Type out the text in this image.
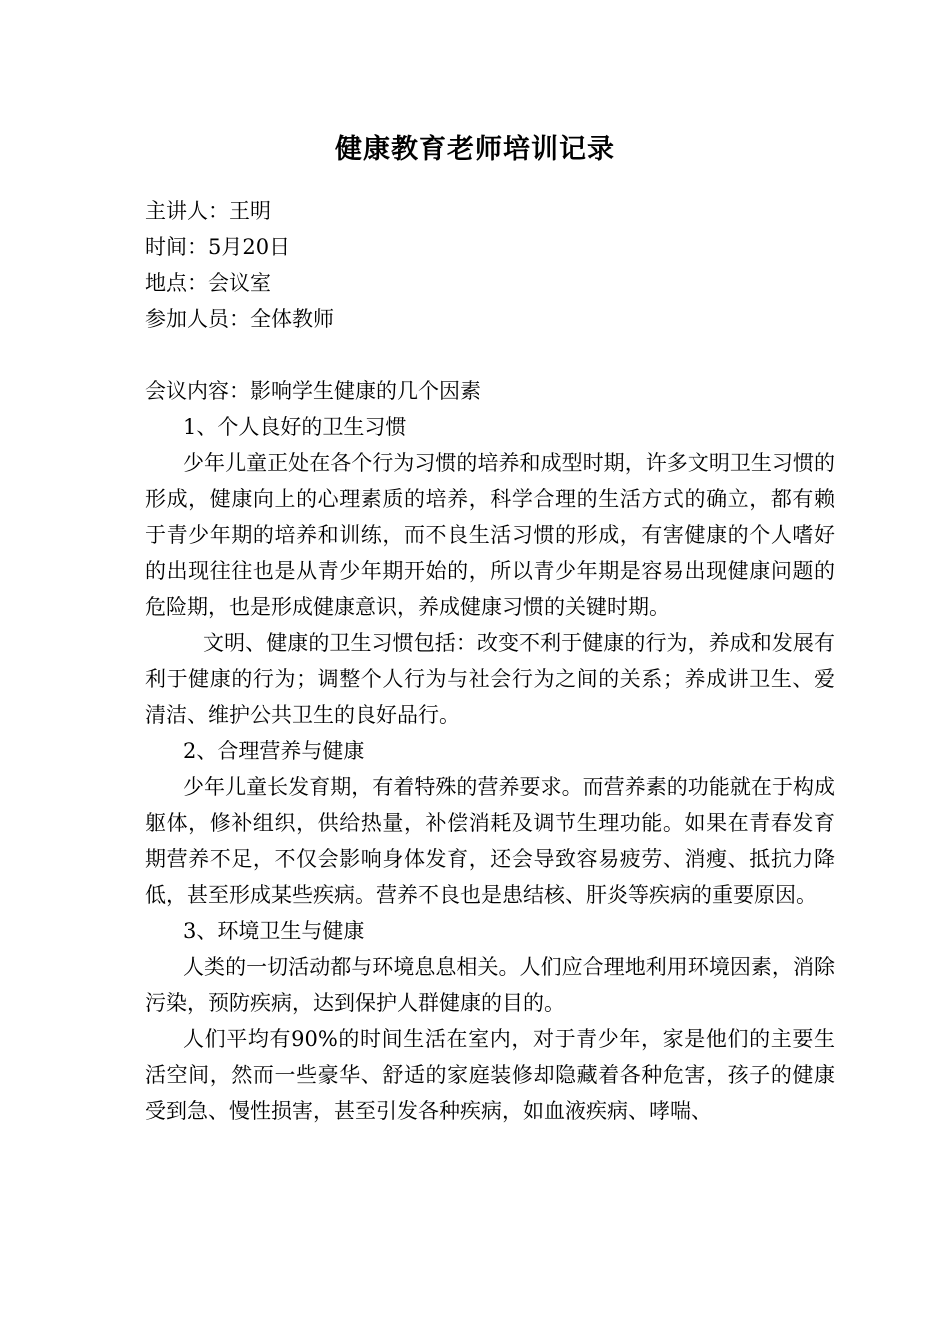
健康教育老师培训记录
主讲人：王明
时间：5月20日
地点：会议室
参加人员：全体教师

会议内容：影响学生健康的几个因素

1、个人良好的卫生习惯

少年儿童正处在各个行为习惯的培养和成型时期，许多文明卫生习惯的形成，健康向上的心理素质的培养，科学合理的生活方式的确立，都有赖于青少年期的培养和训练，而不良生活习惯的形成，有害健康的个人嗜好的出现往往也是从青少年期开始的，所以青少年期是容易出现健康问题的危险期，也是形成健康意识，养成健康习惯的关键时期。

文明、健康的卫生习惯包括：改变不利于健康的行为，养成和发展有利于健康的行为；调整个人行为与社会行为之间的关系；养成讲卫生、爱清洁、维护公共卫生的良好品行。

2、合理营养与健康

少年儿童长发育期，有着特殊的营养要求。而营养素的功能就在于构成躯体，修补组织，供给热量，补偿消耗及调节生理功能。如果在青春发育期营养不足，不仅会影响身体发育，还会导致容易疲劳、消瘦、抵抗力降低，甚至形成某些疾病。营养不良也是患结核、肝炎等疾病的重要原因。

3、环境卫生与健康

人类的一切活动都与环境息息相关。人们应合理地利用环境因素，消除污染，预防疾病，达到保护人群健康的目的。

人们平均有90%的时间生活在室内，对于青少年，家是他们的主要生活空间，然而一些豪华、舒适的家庭装修却隐藏着各种危害，孩子的健康受到急、慢性损害，甚至引发各种疾病，如血液疾病、哮喘、
